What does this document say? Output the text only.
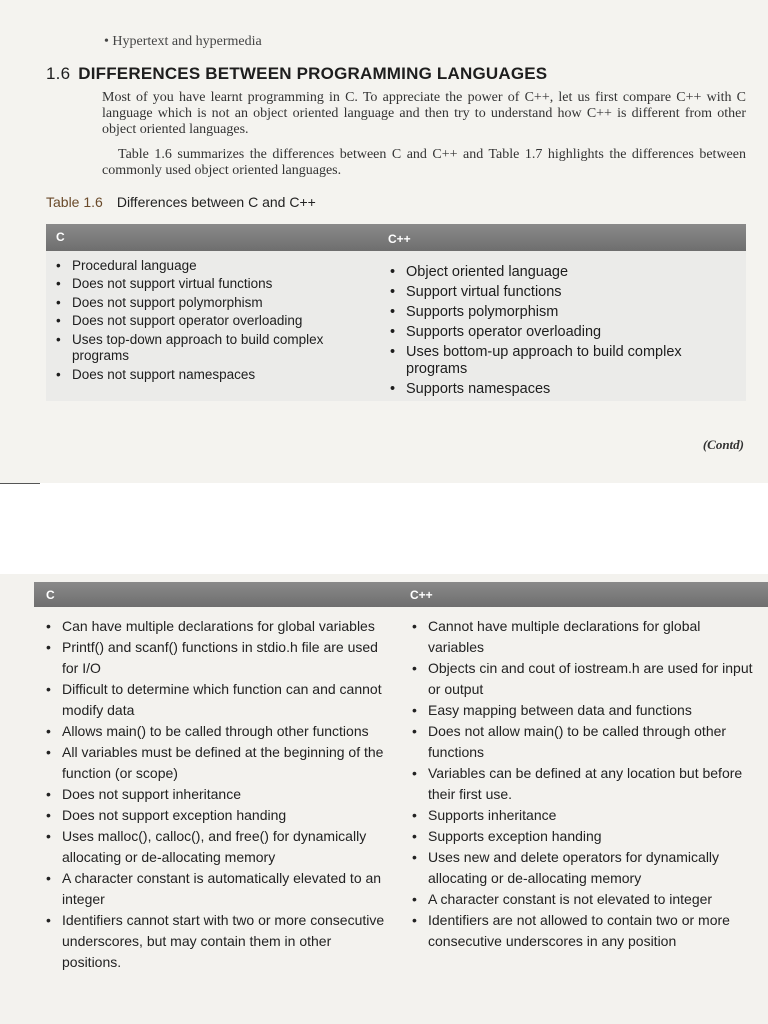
• Hypertext and hypermedia
1.6 DIFFERENCES BETWEEN PROGRAMMING LANGUAGES
Most of you have learnt programming in C. To appreciate the power of C++, let us first compare C++ with C language which is not an object oriented language and then try to understand how C++ is different from other object oriented languages.
Table 1.6 summarizes the differences between C and C++ and Table 1.7 highlights the differences between commonly used object oriented languages.
Table 1.6 Differences between C and C++
C	C++
• Procedural language
• Does not support virtual functions
• Does not support polymorphism
• Does not support operator overloading
• Uses top-down approach to build complex programs
• Does not support namespaces
• Object oriented language
• Support virtual functions
• Supports polymorphism
• Supports operator overloading
• Uses bottom-up approach to build complex programs
• Supports namespaces
(Contd)
C	C++
• Can have multiple declarations for global variables
• Printf() and scanf() functions in stdio.h file are used for I/O
• Difficult to determine which function can and cannot modify data
• Allows main() to be called through other functions
• All variables must be defined at the beginning of the function (or scope)
• Does not support inheritance
• Does not support exception handing
• Uses malloc(), calloc(), and free() for dynamically allocating or de-allocating memory
• A character constant is automatically elevated to an integer
• Identifiers cannot start with two or more consecutive underscores, but may contain them in other positions.
• Cannot have multiple declarations for global variables
• Objects cin and cout of iostream.h are used for input or output
• Easy mapping between data and functions
• Does not allow main() to be called through other functions
• Variables can be defined at any location but before their first use.
• Supports inheritance
• Supports exception handing
• Uses new and delete operators for dynamically allocating or de-allocating memory
• A character constant is not elevated to integer
• Identifiers are not allowed to contain two or more consecutive underscores in any position
